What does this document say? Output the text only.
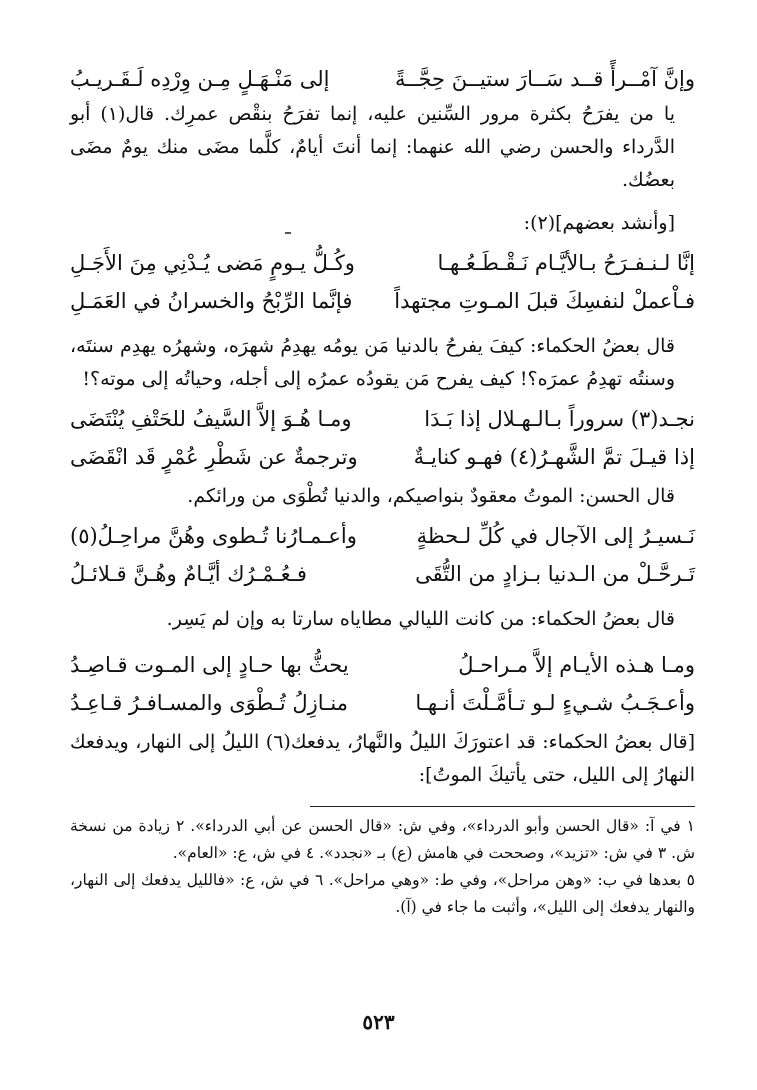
وإنَّ آمْــرأً قــد سَــارَ ستيــنَ حِجَّــةً
إلى مَنْـهَـلٍ مِـن وِرْدِه لَـقَـريـبُ

يا من يفرَحُ بكثرة مرور السِّنين عليه، إنما تفرَحُ بنقْص عمرِك. قال(١) أبو الدَّرداء والحسن رضي الله عنهما: إنما أنتَ أيامٌ، كلَّما مضَى منك يومٌ مضَى بعضُك.

[وأنشد بعضهم](٢):

إنَّا لـنـفـرَحُ بـالأيَّـام نَـقْـطَـعُـهـا
وكُـلُّ يـومٍ مَضى يُـدْنِي مِنَ الأَجَـلِ
فـاْعملْ لنفسِكَ قبلَ المـوتِ مجتهداً
فإنَّما الرِّبْحُ والخسرانُ في العَمَـلِ

قال بعضُ الحكماء: كيفَ يفرحُ بالدنيا مَن يومُه يهدِمُ شهرَه، وشهرُه يهدِم سنتَه، وسنتُه تهدِمُ عمرَه؟! كيف يفرح مَن يقودُه عمرُه إلى أجله، وحياتُه إلى موته؟!

نجـد(٣) سروراً بـالـهـلال إذا بَـدَا
ومـا هُـوَ إلاَّ السَّيفُ للحَتْفِ يُنْتَضَى
إذا قيـلَ تمَّ الشَّهـرُ(٤) فهـو كنايـةٌ
وترجمةٌ عن شَطْرِ عُمْرٍ قَد انْقَضَى

قال الحسن: الموتُ معقودٌ بنواصيكم، والدنيا تُطْوَى من ورائكم.

نَـسيـرُ إلى الآجال في كُلِّ لـحظةٍ
وأعـمـارُنا تُـطوى وهُنَّ مراحِـلُ(٥)
تَـرحَّـلْ من الـدنيا بـزادٍ من التُّقَى
فـعُـمْـرُك أيَّـامٌ وهُـنَّ قـلائـلُ

قال بعضُ الحكماء: من كانت الليالي مطاياه سارتا به وإن لم يَسِر.

ومـا هـذه الأيـام إلاَّ مـراحـلُ
يحثُّ بها حـادٍ إلى المـوت قـاصِـدُ
وأعـجَـبُ شـيءٍ لـو تـأمَّـلْتَ أنـهـا
منـازِلُ تُـطْوَى والمسـافـرُ قـاعِـدُ

[قال بعضُ الحكماء: قد اعتورَكَ الليلُ والنَّهارُ، يدفعك(٦) الليلُ إلى النهار، ويدفعك النهارُ إلى الليل، حتى يأتيكَ الموتُ]:

١ في آ: «قال الحسن وأبو الدرداء»، وفي ش: «قال الحسن عن أبي الدرداء». ٢ زيادة من نسخة ش. ٣ في ش: «تزيد»، وصححت في هامش (ع) بـ «نجدد». ٤ في ش، ع: «العام».

٥ بعدها في ب: «وهن مراحل»، وفي ط: «وهي مراحل». ٦ في ش، ع: «فالليل يدفعك إلى النهار، والنهار يدفعك إلى الليل»، وأثبت ما جاء في (آ).

٥٢٣
